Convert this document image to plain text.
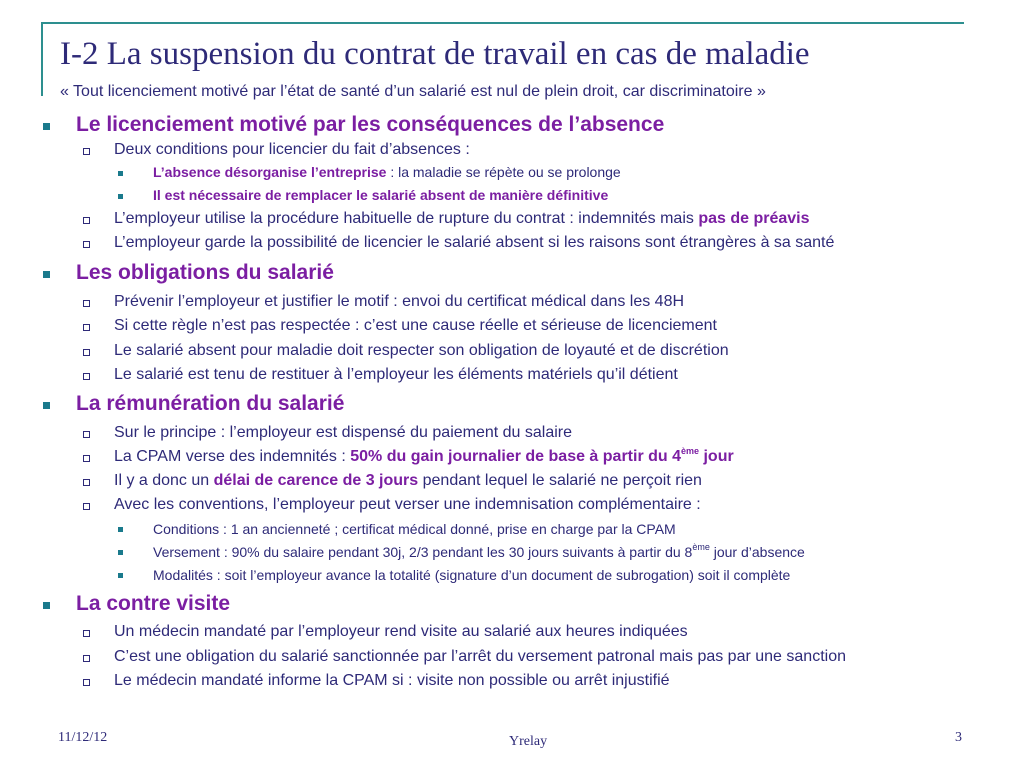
I-2 La suspension du contrat de travail en cas de maladie
« Tout licenciement motivé par l’état de santé d’un salarié est nul de plein droit, car discriminatoire »
Le licenciement motivé par les conséquences de l’absence
Deux conditions pour licencier du fait d’absences :
L’absence désorganise l’entreprise : la maladie se répète ou se prolonge
Il est nécessaire de remplacer le salarié absent de manière définitive
L’employeur utilise la procédure habituelle de rupture du contrat : indemnités mais pas de préavis
L’employeur garde la possibilité de licencier le salarié absent si les raisons sont étrangères à sa santé
Les obligations du salarié
Prévenir l’employeur et justifier le motif : envoi du certificat médical dans les 48H
Si cette règle n’est pas respectée : c’est une cause réelle et sérieuse de licenciement
Le salarié absent pour maladie doit respecter son obligation de loyauté et de discrétion
Le salarié est tenu de restituer à l’employeur les éléments matériels qu’il détient
La rémunération du salarié
Sur le principe : l’employeur est dispensé du paiement du salaire
La CPAM verse des indemnités : 50% du gain journalier de base à partir du 4ème jour
Il y a donc un délai de carence de 3 jours pendant lequel le salarié ne perçoit rien
Avec les conventions, l’employeur peut verser une indemnisation complémentaire :
Conditions : 1 an ancienneté ; certificat médical donné, prise en charge par la CPAM
Versement : 90% du salaire pendant 30j, 2/3 pendant les 30 jours suivants à partir du 8ème jour d’absence
Modalités : soit l’employeur avance la totalité (signature d’un document de subrogation) soit il complète
La contre visite
Un médecin mandaté par l’employeur rend visite au salarié aux heures indiquées
C’est une obligation du salarié sanctionnée par l’arrêt du versement patronal mais pas par une sanction
Le médecin mandaté informe la CPAM si : visite non possible ou arrêt injustifié
11/12/12	Yrelay	3
